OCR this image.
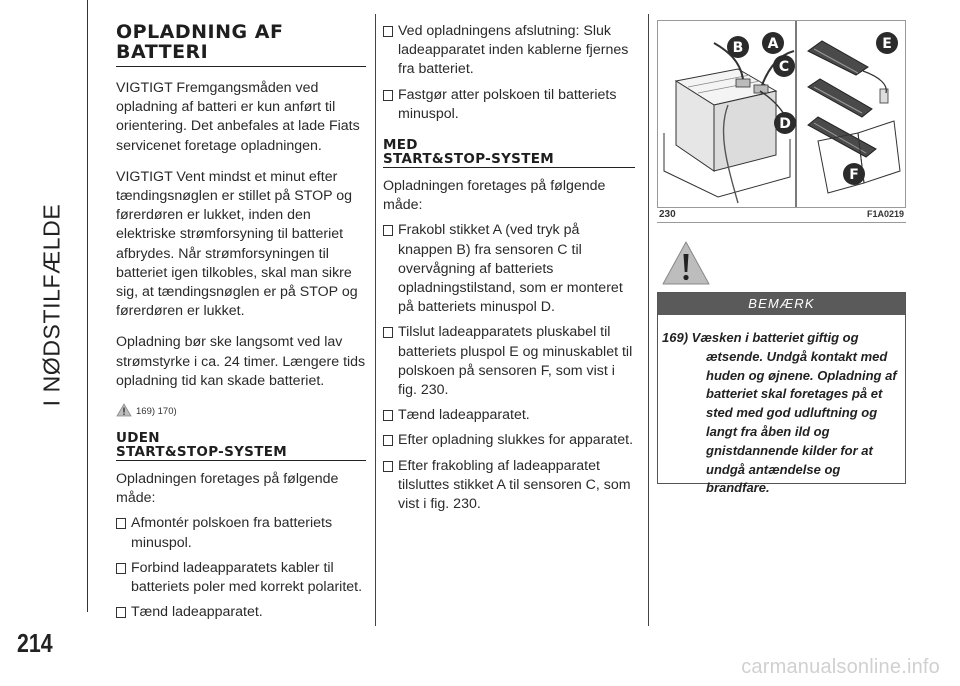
I NØDSTILFÆLDE
214
carmanualsonline.info
OPLADNING AF
BATTERI

VIGTIGT Fremgangsmåden ved opladning af batteri er kun anført til orientering. Det anbefales at lade Fiats servicenet foretage opladningen.

VIGTIGT Vent mindst et minut efter tændingsnøglen er stillet på STOP og førerdøren er lukket, inden den elektriske strømforsyning til batteriet afbrydes. Når strømforsyningen til batteriet igen tilkobles, skal man sikre sig, at tændingsnøglen er på STOP og førerdøren er lukket.

Opladning bør ske langsomt ved lav strømstyrke i ca. 24 timer. Længere tids opladning tid kan skade batteriet.

169) 170)
UDEN
START&STOP-SYSTEM

Opladningen foretages på følgende måde:

Afmontér polskoen fra batteriets minuspol.
Forbind ladeapparatets kabler til batteriets poler med korrekt polaritet.
Tænd ladeapparatet.
Ved opladningens afslutning: Sluk ladeapparatet inden kablerne fjernes fra batteriet.
Fastgør atter polskoen til batteriets minuspol.
MED
START&STOP-SYSTEM

Opladningen foretages på følgende måde:

Frakobl stikket A (ved tryk på knappen B) fra sensoren C til overvågning af batteriets opladningstilstand, som er monteret på batteriets minuspol D.
Tilslut ladeapparatets pluskabel til batteriets pluspol E og minuskablet til polskoen på sensoren F, som vist i fig. 230.
Tænd ladeapparatet.
Efter opladning slukkes for apparatet.
Efter frakobling af ladeapparatet tilsluttes stikket A til sensoren C, som vist i fig. 230.
B A
C
D
E
F
230	F1A0219
BEMÆRK
169) Væsken i batteriet giftig og ætsende. Undgå kontakt med huden og øjnene. Opladning af batteriet skal foretages på et sted med god udluftning og langt fra åben ild og gnistdannende kilder for at undgå antændelse og brandfare.
